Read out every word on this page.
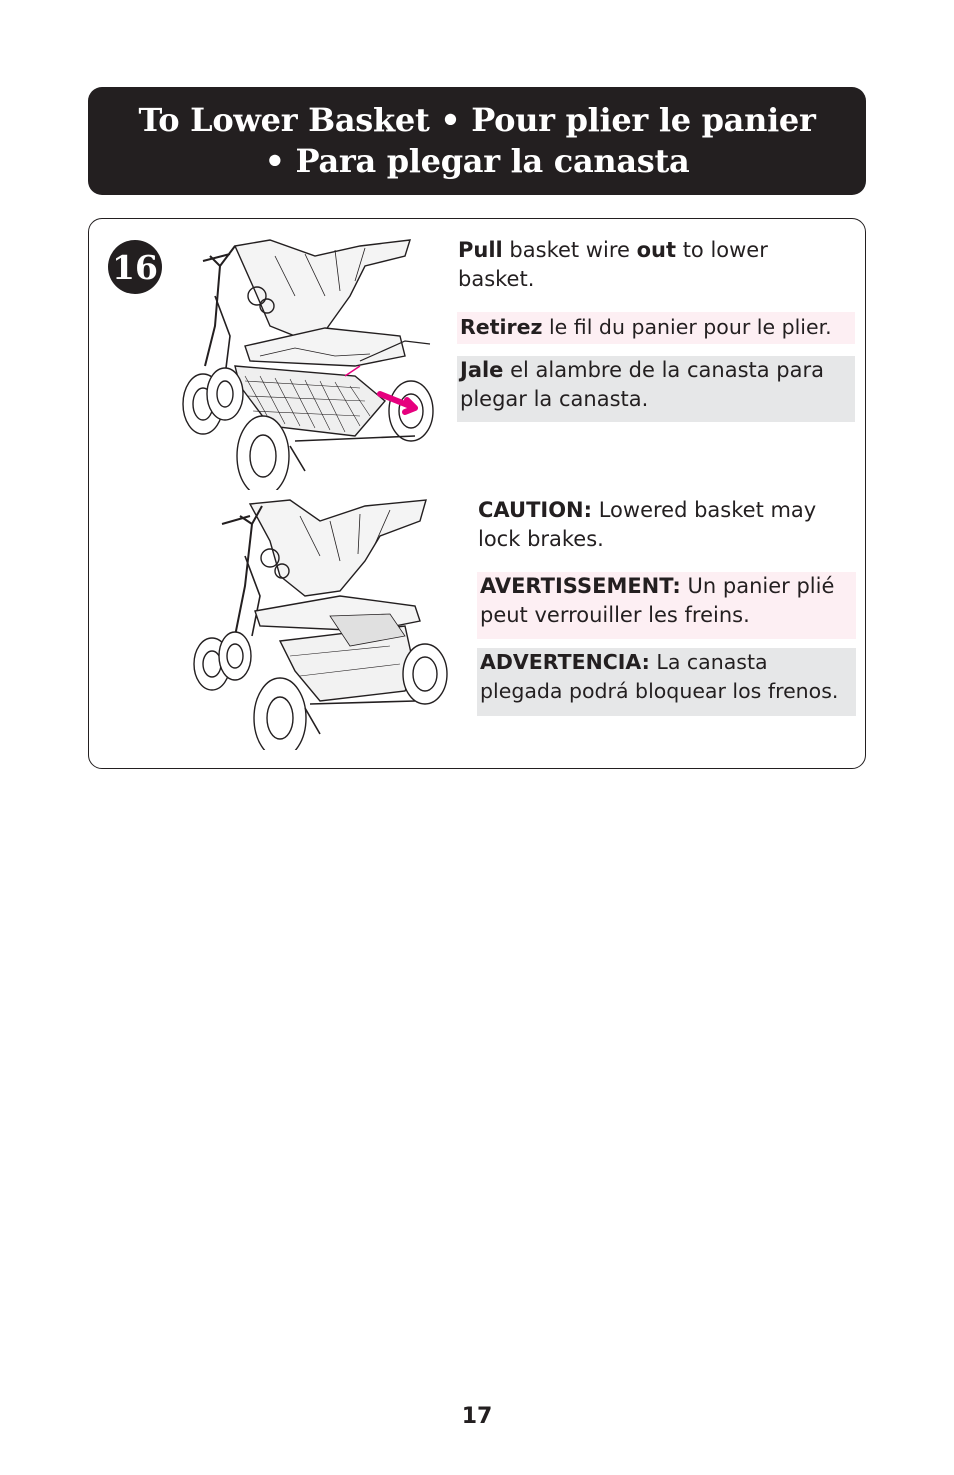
To Lower Basket • Pour plier le panier
• Para plegar la canasta
16	Pull basket wire out to lower basket.
Retirez le fil du panier pour le plier.
Jale el alambre de la canasta para plegar la canasta.
CAUTION: Lowered basket may lock brakes.
AVERTISSEMENT: Un panier plié peut verrouiller les freins.
ADVERTENCIA: La canasta
plegada podrá bloquear los frenos.
17
